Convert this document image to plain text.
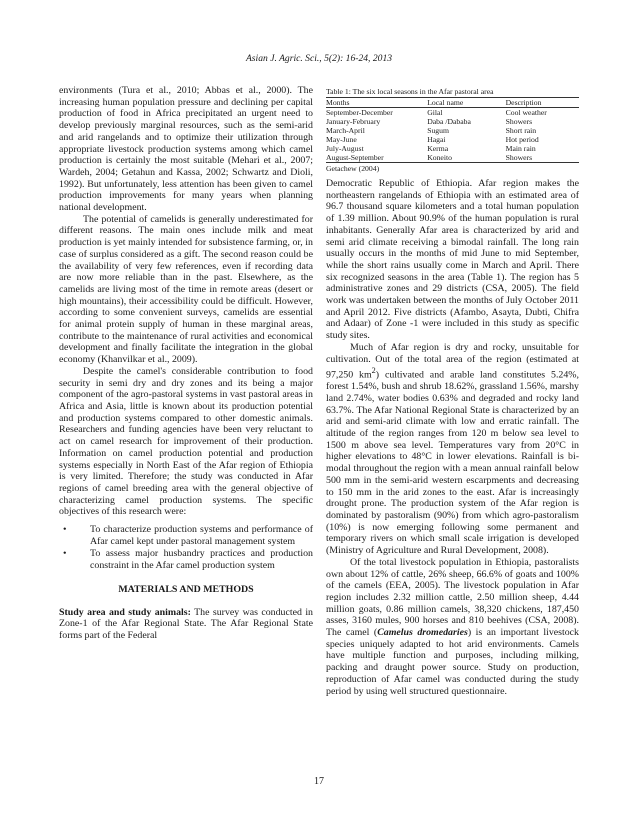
Asian J. Agric. Sci., 5(2): 16-24, 2013

environments (Tura et al., 2010; Abbas et al., 2000). The increasing human population pressure and declining per capital production of food in Africa precipitated an urgent need to develop previously marginal resources, such as the semi-arid and arid rangelands and to optimize their utilization through appropriate livestock production systems among which camel production is certainly the most suitable (Mehari et al., 2007; Wardeh, 2004; Getahun and Kassa, 2002; Schwartz and Dioli, 1992). But unfortunately, less attention has been given to camel production improvements for many years when planning national development.

The potential of camelids is generally underestimated for different reasons. The main ones include milk and meat production is yet mainly intended for subsistence farming, or, in case of surplus considered as a gift. The second reason could be the availability of very few references, even if recording data are now more reliable than in the past. Elsewhere, as the camelids are living most of the time in remote areas (desert or high mountains), their accessibility could be difficult. However, according to some convenient surveys, camelids are essential for animal protein supply of human in these marginal areas, contribute to the maintenance of rural activities and economical development and finally facilitate the integration in the global economy (Khanvilkar et al., 2009).

Despite the camel's considerable contribution to food security in semi dry and dry zones and its being a major component of the agro-pastoral systems in vast pastoral areas in Africa and Asia, little is known about its production potential and production systems compared to other domestic animals. Researchers and funding agencies have been very reluctant to act on camel research for improvement of their production. Information on camel production potential and production systems especially in North East of the Afar region of Ethiopia is very limited. Therefore; the study was conducted in Afar regions of camel breeding area with the general objective of characterizing camel production systems. The specific objectives of this research were:

• To characterize production systems and performance of Afar camel kept under pastoral management system
• To assess major husbandry practices and production constraint in the Afar camel production system
MATERIALS AND METHODS

Study area and study animals: The survey was conducted in Zone-1 of the Afar Regional State. The Afar Regional State forms part of the Federal

Table 1: The six local seasons in the Afar pastoral area
Months	Local name	Description
September-December	Gilal	Cool weather
January-February	Daba /Dababa	Showers
March-April	Sugum	Short rain
May-June	Hagai	Hot period
July-August	Kerma	Main rain
August-September	Koneito	Showers
Getachew (2004)

Democratic Republic of Ethiopia. Afar region makes the northeastern rangelands of Ethiopia with an estimated area of 96.7 thousand square kilometers and a total human population of 1.39 million. About 90.9% of the human population is rural inhabitants. Generally Afar area is characterized by arid and semi arid climate receiving a bimodal rainfall. The long rain usually occurs in the months of mid June to mid September, while the short rains usually come in March and April. There six recognized seasons in the area (Table 1). The region has 5 administrative zones and 29 districts (CSA, 2005). The field work was undertaken between the months of July October 2011 and April 2012. Five districts (Afambo, Asayta, Dubti, Chifra and Adaar) of Zone -1 were included in this study as specific study sites.

Much of Afar region is dry and rocky, unsuitable for cultivation. Out of the total area of the region (estimated at 97,250 $km^2$) cultivated and arable land constitutes 5.24%, forest 1.54%, bush and shrub 18.62%, grassland 1.56%, marshy land 2.74%, water bodies 0.63% and degraded and rocky land 63.7%. The Afar National Regional State is characterized by an arid and semi-arid climate with low and erratic rainfall. The altitude of the region ranges from 120 m below sea level to 1500 m above sea level. Temperatures vary from 20°C in higher elevations to 48°C in lower elevations. Rainfall is bi-modal throughout the region with a mean annual rainfall below 500 mm in the semi-arid western escarpments and decreasing to 150 mm in the arid zones to the east. Afar is increasingly drought prone. The production system of the Afar region is dominated by pastoralism (90%) from which agro-pastoralism (10%) is now emerging following some permanent and temporary rivers on which small scale irrigation is developed (Ministry of Agriculture and Rural Development, 2008).

Of the total livestock population in Ethiopia, pastoralists own about 12% of cattle, 26% sheep, 66.6% of goats and 100% of the camels (EEA, 2005). The livestock population in Afar region includes 2.32 million cattle, 2.50 million sheep, 4.44 million goats, 0.86 million camels, 38,320 chickens, 187,450 asses, 3160 mules, 900 horses and 810 beehives (CSA, 2008). The camel (Camelus dromedaries) is an important livestock species uniquely adapted to hot arid environments. Camels have multiple function and purposes, including milking, packing and draught power source. Study on production, reproduction of Afar camel was conducted during the study period by using well structured questionnaire.

17
